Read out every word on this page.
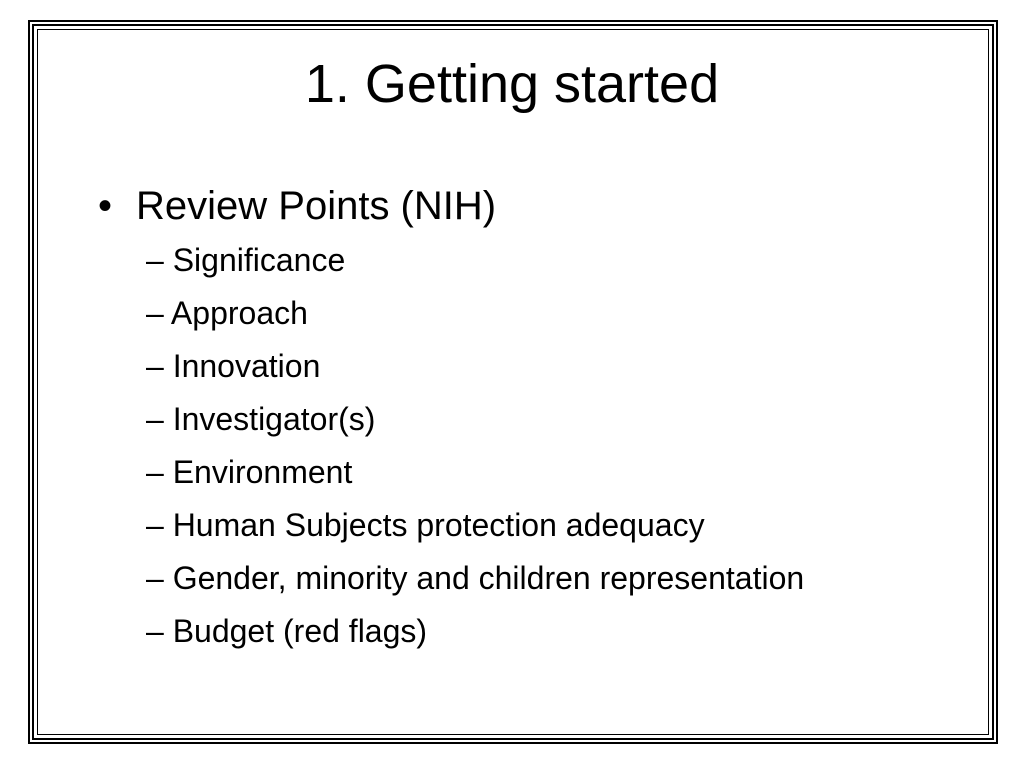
1. Getting started
• Review Points (NIH)
– Significance
– Approach
– Innovation
– Investigator(s)
– Environment
– Human Subjects protection adequacy
– Gender, minority and children representation
– Budget (red flags)
